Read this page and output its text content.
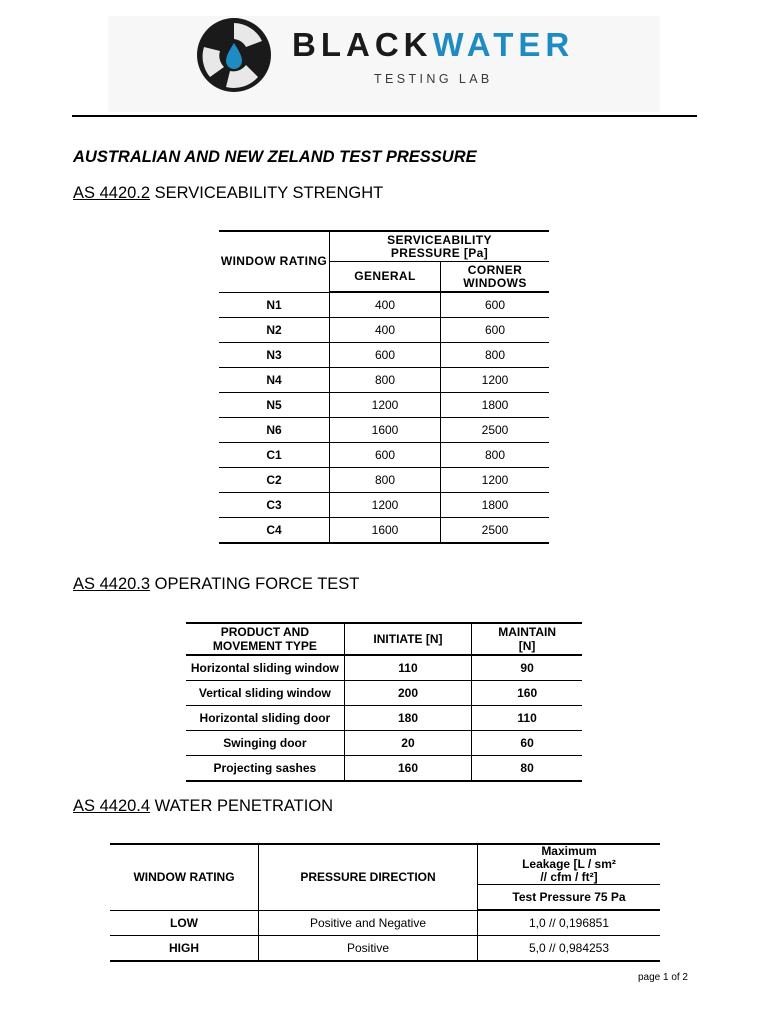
BLACKWATER
TESTING LAB
AUSTRALIAN AND NEW ZELAND TEST PRESSURE
AS 4420.2 SERVICEABILITY STRENGHT
WINDOW RATING	SERVICEABILITY PRESSURE [Pa]	
	GENERAL	CORNER WINDOWS
N1	400	600
N2	400	600
N3	600	800
N4	800	1200
N5	1200	1800
N6	1600	2500
C1	600	800
C2	800	1200
C3	1200	1800
C4	1600	2500
AS 4420.3 OPERATING FORCE TEST
PRODUCT AND MOVEMENT TYPE	INITIATE [N]	MAINTAIN [N]
Horizontal sliding window	110	90
Vertical sliding window	200	160
Horizontal sliding door	180	110
Swinging door	20	60
Projecting sashes	160	80
AS 4420.4 WATER PENETRATION
WINDOW RATING	PRESSURE DIRECTION	Maximum Leakage [L / sm² // cfm / ft²]
		Test Pressure 75 Pa
LOW	Positive and Negative	1,0 // 0,196851
HIGH	Positive	5,0 // 0,984253
page 1 of 2
